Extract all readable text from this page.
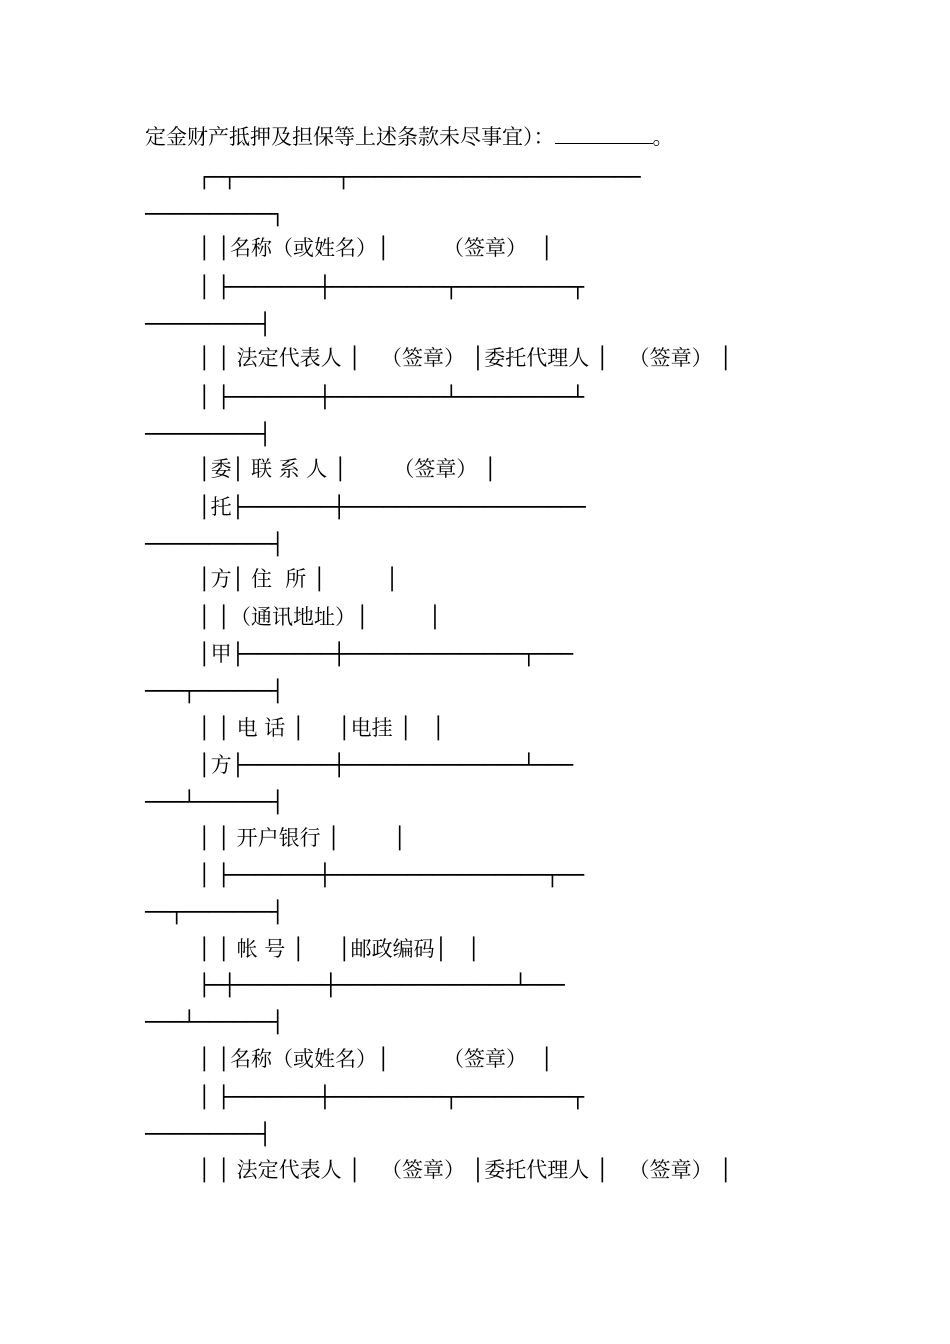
定金财产抵押及担保等上述条款未尽事宜）：	。
┌─┬────────┬───────────────────────
──────────┐
│ │名称（或姓名）│        （签章）  │
│ ├───────┼─────────┬─────────┬
─────────┤
│ │ 法定代表人 │   （签章） │委托代理人 │   （签章） │
│ ├───────┼─────────┴─────────┴
─────────┤
│委│ 联 系 人 │       （签章） │
│托├───────┼───────────────────
──────────┤
│方│ 住  所 │         │
│ │（通讯地址）│         │
│甲├───────┼──────────────┬───
───┬──────┤
│ │ 电 话 │     │电挂 │   │
│方├───────┼──────────────┴───
───┴──────┤
│ │ 开户银行 │        │
│ ├───────┼─────────────────┬──
──┬───────┤
│ │ 帐 号 │     │邮政编码│   │
├─┼───────┼──────────────┴───
───┴──────┤
│ │名称（或姓名）│        （签章）  │
│ ├───────┼─────────┬─────────┬
─────────┤
│ │ 法定代表人 │   （签章） │委托代理人 │   （签章） │
